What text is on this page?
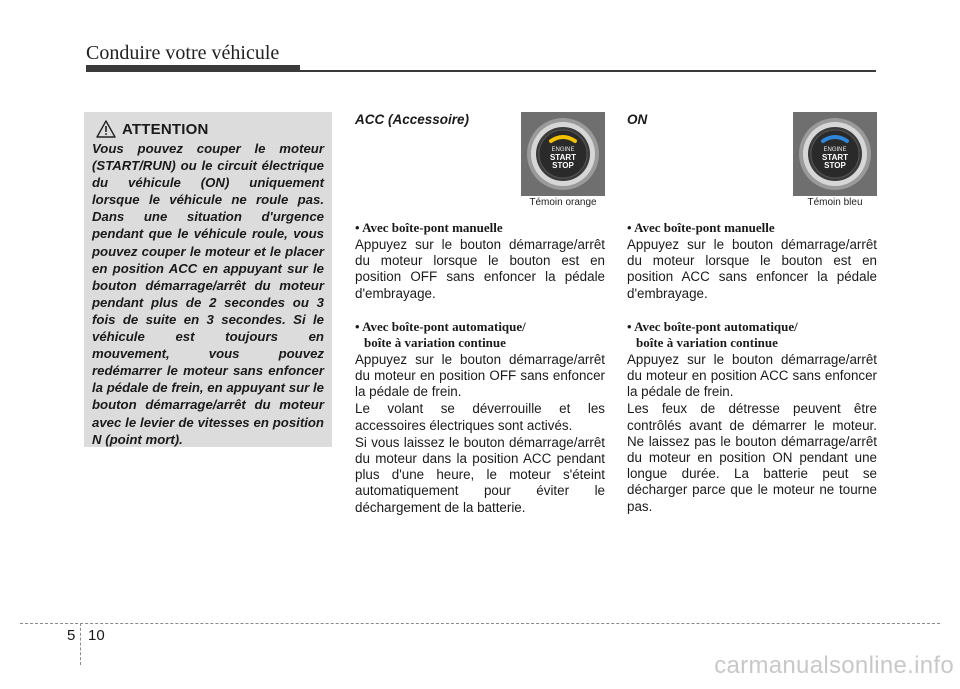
Conduire votre véhicule
ATTENTION

Vous pouvez couper le moteur (START/RUN) ou le circuit électrique du véhicule (ON) uniquement lorsque le véhicule ne roule pas. Dans une situation d'urgence pendant que le véhicule roule, vous pouvez couper le moteur et le placer en position ACC en appuyant sur le bouton démarrage/arrêt du moteur pendant plus de 2 secondes ou 3 fois de suite en 3 secondes. Si le véhicule est toujours en mouvement, vous pouvez redémarrer le moteur sans enfoncer la pédale de frein, en appuyant sur le bouton démarrage/arrêt du moteur avec le levier de vitesses en position N (point mort).

ACC (Accessoire)
ENGINE
START
STOP
Témoin orange

• Avec boîte-pont manuelle

Appuyez sur le bouton démarrage/arrêt du moteur lorsque le bouton est en position OFF sans enfoncer la pédale d'embrayage.

• Avec boîte-pont automatique/
boîte à variation continue

Appuyez sur le bouton démarrage/arrêt du moteur en position OFF sans enfoncer la pédale de frein.

Le volant se déverrouille et les accessoires électriques sont activés.

Si vous laissez le bouton démarrage/arrêt du moteur dans la position ACC pendant plus d'une heure, le moteur s'éteint automatiquement pour éviter le déchargement de la batterie.

ON
ENGINE
START
STOP
Témoin bleu

• Avec boîte-pont manuelle

Appuyez sur le bouton démarrage/arrêt du moteur lorsque le bouton est en position ACC sans enfoncer la pédale d'embrayage.

• Avec boîte-pont automatique/
boîte à variation continue

Appuyez sur le bouton démarrage/arrêt du moteur en position ACC sans enfoncer la pédale de frein.

Les feux de détresse peuvent être contrôlés avant de démarrer le moteur. Ne laissez pas le bouton démarrage/arrêt du moteur en position ON pendant une longue durée. La batterie peut se décharger parce que le moteur ne tourne pas.

5 10
carmanualsonline.info
